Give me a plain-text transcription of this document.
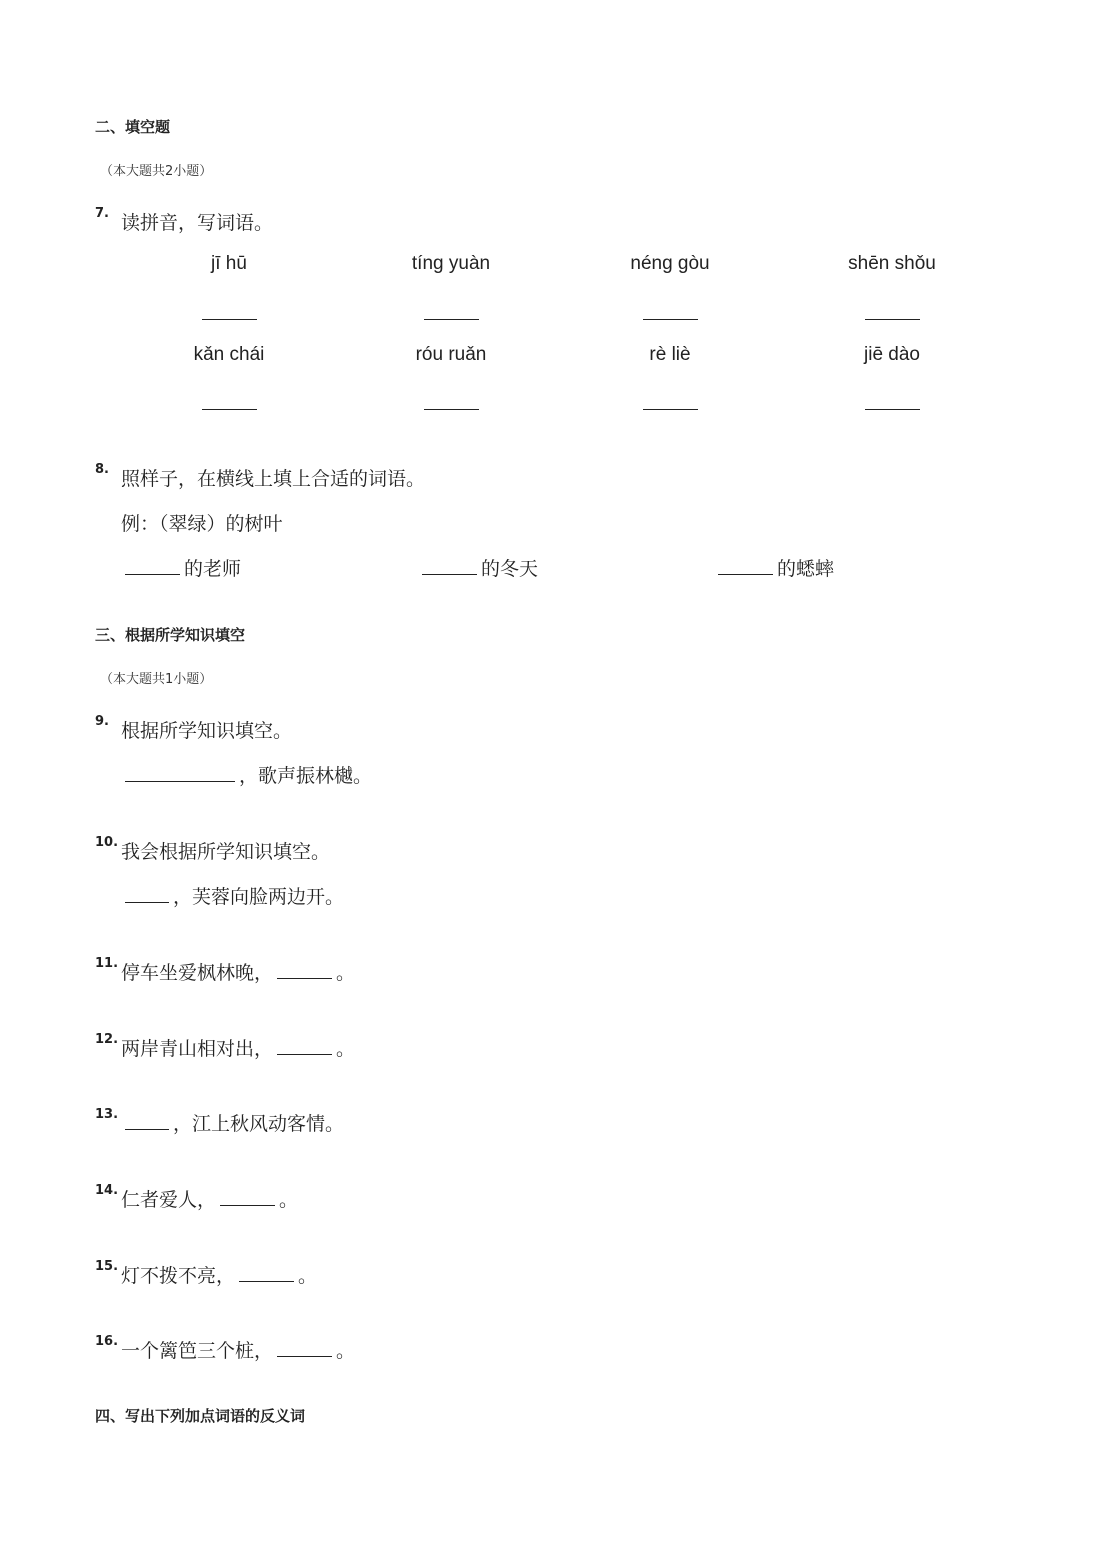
二、填空题
（本大题共2小题）
7. 读拼音，写词语。
jī hū	tíng yuàn	néng gòu	shēn shǒu
kǎn chái	róu ruǎn	rè liè	jiē dào
8. 照样子，在横线上填上合适的词语。
例：（翠绿）的树叶
的老师	的冬天	的蟋蟀
三、根据所学知识填空
（本大题共1小题）
9. 根据所学知识填空。
，歌声振林樾。
10. 我会根据所学知识填空。
，芙蓉向脸两边开。
11. 停车坐爱枫林晚，	。
12. 两岸青山相对出，	。
13.	，江上秋风动客情。
14. 仁者爱人，	。
15. 灯不拨不亮，	。
16. 一个篱笆三个桩，	。
四、写出下列加点词语的反义词
